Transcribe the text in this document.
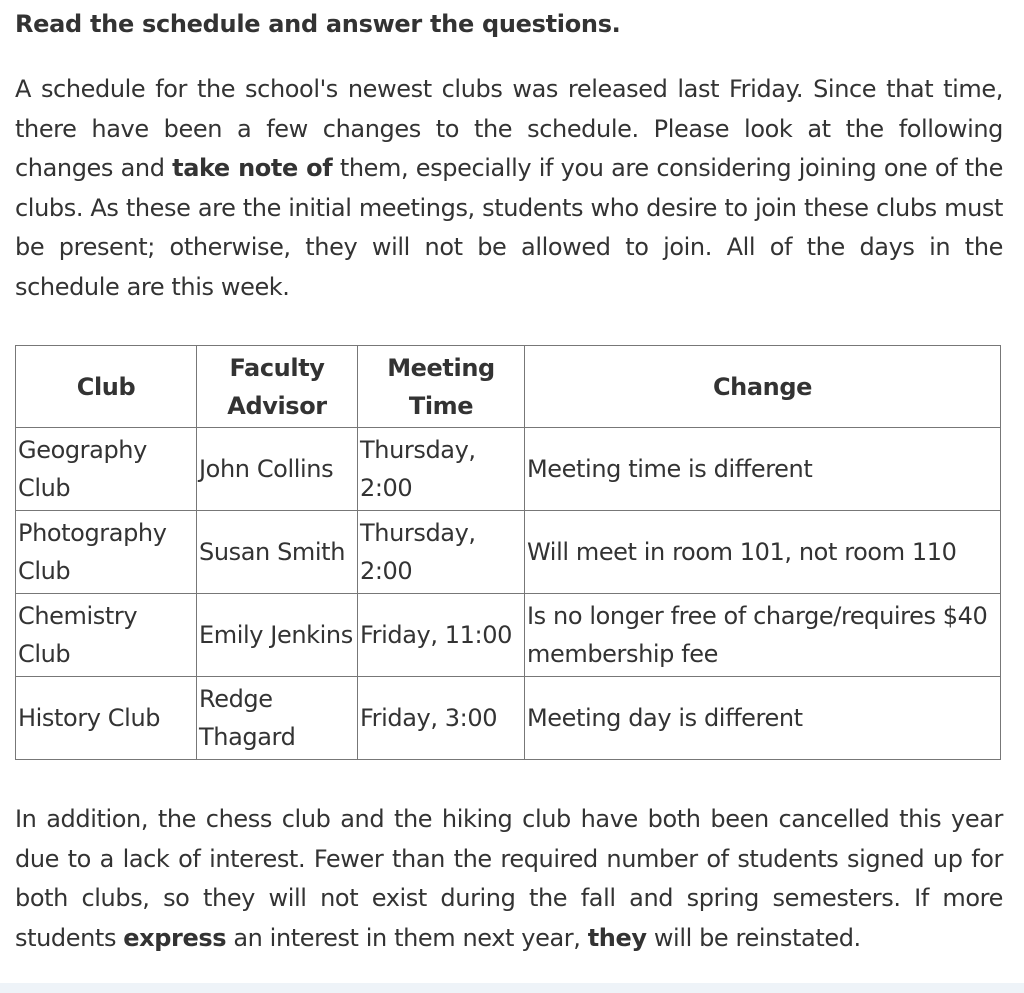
Read the schedule and answer the questions.

A schedule for the school's newest clubs was released last Friday. Since that time, there have been a few changes to the schedule. Please look at the following changes and take note of them, especially if you are considering joining one of the clubs. As these are the initial meetings, students who desire to join these clubs must be present; otherwise, they will not be allowed to join. All of the days in the schedule are this week.

Club	Faculty Advisor	Meeting Time	Change
Geography Club	John Collins	Thursday, 2:00	Meeting time is different
Photography Club	Susan Smith	Thursday, 2:00	Will meet in room 101, not room 110
Chemistry Club	Emily Jenkins	Friday, 11:00	Is no longer free of charge/requires $40 membership fee
History Club	Redge Thagard	Friday, 3:00	Meeting day is different

In addition, the chess club and the hiking club have both been cancelled this year due to a lack of interest. Fewer than the required number of students signed up for both clubs, so they will not exist during the fall and spring semesters. If more students express an interest in them next year, they will be reinstated.
